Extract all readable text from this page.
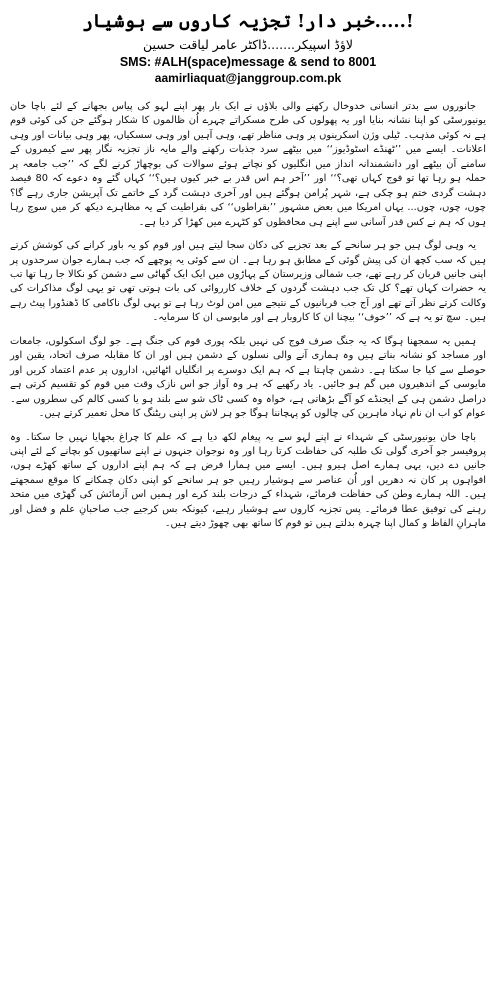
خبر دار! تجزیہ کاروں سے ہوشیار.....!
لاؤڈ اسپیکر.......ڈاکٹر عامر لیاقت حسین
SMS: #ALH(space)message & send to 8001
aamirliaquat@janggroup.com.pk

جانوروں سے بدتر انسانی خدوخال رکھنے والی بلاؤں نے ایک بار پھر اپنے لہو کی پیاس بجھانے کے لئے باچا خان یونیورسٹی کو اپنا نشانہ بنایا اور یہ پھولوں کی طرح مسکراتے چہرے اُن ظالموں کا شکار ہوگئے جن کی کوئی قوم ہے نہ کوئی مذہب۔ ٹیلی وژن اسکرینوں پر وہی مناظر تھے، وہی آہیں اور وہی سسکیاں، پھر وہی بیانات اور وہی اعلانات۔ ایسے میں ’’ٹھنڈے اسٹوڈیوز‘‘ میں بیٹھے سرد جذبات رکھنے والے مایہ ناز تجزیہ نگار پھر سے کیمروں کے سامنے آن بیٹھے اور دانشمندانہ انداز میں انگلیوں کو نچاتے ہوئے سوالات کی بوچھاڑ کرنے لگے کہ ’’جب جامعہ پر حملہ ہو رہا تھا تو فوج کہاں تھی؟‘‘ اور ’’آخر ہم اس قدر بے خبر کیوں ہیں؟‘‘ کہاں گئے وہ دعوے کہ 80 فیصد دہشت گردی ختم ہو چکی ہے، شہر پُرامن ہوگئے ہیں اور آخری دہشت گرد کے خاتمے تک آپریشن جاری رہے گا؟ چوں، چوں، چوں... یہاں امریکا میں بعض مشہور ’’بقراطوں‘‘ کی بقراطیت کے یہ مظاہرے دیکھ کر میں سوچ رہا ہوں کہ ہم نے کس قدر آسانی سے اپنے ہی محافظوں کو کٹہرے میں کھڑا کر دیا ہے۔

یہ وہی لوگ ہیں جو ہر سانحے کے بعد تجزیے کی دکان سجا لیتے ہیں اور قوم کو یہ باور کرانے کی کوشش کرتے ہیں کہ سب کچھ ان کی پیش گوئی کے مطابق ہو رہا ہے۔ ان سے کوئی یہ پوچھے کہ جب ہمارے جوان سرحدوں پر اپنی جانیں قربان کر رہے تھے، جب شمالی وزیرستان کے پہاڑوں میں ایک ایک گھاٹی سے دشمن کو نکالا جا رہا تھا تب یہ حضرات کہاں تھے؟ کل تک جب دہشت گردوں کے خلاف کارروائی کی بات ہوتی تھی تو یہی لوگ مذاکرات کی وکالت کرتے نظر آتے تھے اور آج جب قربانیوں کے نتیجے میں امن لوٹ رہا ہے تو یہی لوگ ناکامی کا ڈھنڈورا پیٹ رہے ہیں۔ سچ تو یہ ہے کہ ’’خوف‘‘ بیچنا ان کا کاروبار ہے اور مایوسی ان کا سرمایہ۔

ہمیں یہ سمجھنا ہوگا کہ یہ جنگ صرف فوج کی نہیں بلکہ پوری قوم کی جنگ ہے۔ جو لوگ اسکولوں، جامعات اور مساجد کو نشانہ بناتے ہیں وہ ہماری آنے والی نسلوں کے دشمن ہیں اور ان کا مقابلہ صرف اتحاد، یقین اور حوصلے سے کیا جا سکتا ہے۔ دشمن چاہتا ہے کہ ہم ایک دوسرے پر انگلیاں اٹھائیں، اداروں پر عدم اعتماد کریں اور مایوسی کے اندھیروں میں گم ہو جائیں۔ یاد رکھیے کہ ہر وہ آواز جو اس نازک وقت میں قوم کو تقسیم کرتی ہے دراصل دشمن ہی کے ایجنڈے کو آگے بڑھاتی ہے، خواہ وہ کسی ٹاک شو سے بلند ہو یا کسی کالم کی سطروں سے۔ عوام کو اب ان نام نہاد ماہرین کی چالوں کو پہچاننا ہوگا جو ہر لاش پر اپنی ریٹنگ کا محل تعمیر کرتے ہیں۔

باچا خان یونیورسٹی کے شہداء نے اپنے لہو سے یہ پیغام لکھ دیا ہے کہ علم کا چراغ بجھایا نہیں جا سکتا۔ وہ پروفیسر جو آخری گولی تک طلبہ کی حفاظت کرتا رہا اور وہ نوجوان جنہوں نے اپنے ساتھیوں کو بچانے کے لئے اپنی جانیں دے دیں، یہی ہمارے اصل ہیرو ہیں۔ ایسے میں ہمارا فرض ہے کہ ہم اپنے اداروں کے ساتھ کھڑے ہوں، افواہوں پر کان نہ دھریں اور اُن عناصر سے ہوشیار رہیں جو ہر سانحے کو اپنی دکان چمکانے کا موقع سمجھتے ہیں۔ اللہ ہمارے وطن کی حفاظت فرمائے، شہداء کے درجات بلند کرے اور ہمیں اس آزمائش کی گھڑی میں متحد رہنے کی توفیق عطا فرمائے۔ پس تجزیہ کاروں سے ہوشیار رہیے، کیونکہ بس کرجیے جب صاحبانِ علم و فضل اور ماہرانِ الفاظ و کمال اپنا چہرہ بدلتے ہیں تو قوم کا ساتھ بھی چھوڑ دیتے ہیں۔
